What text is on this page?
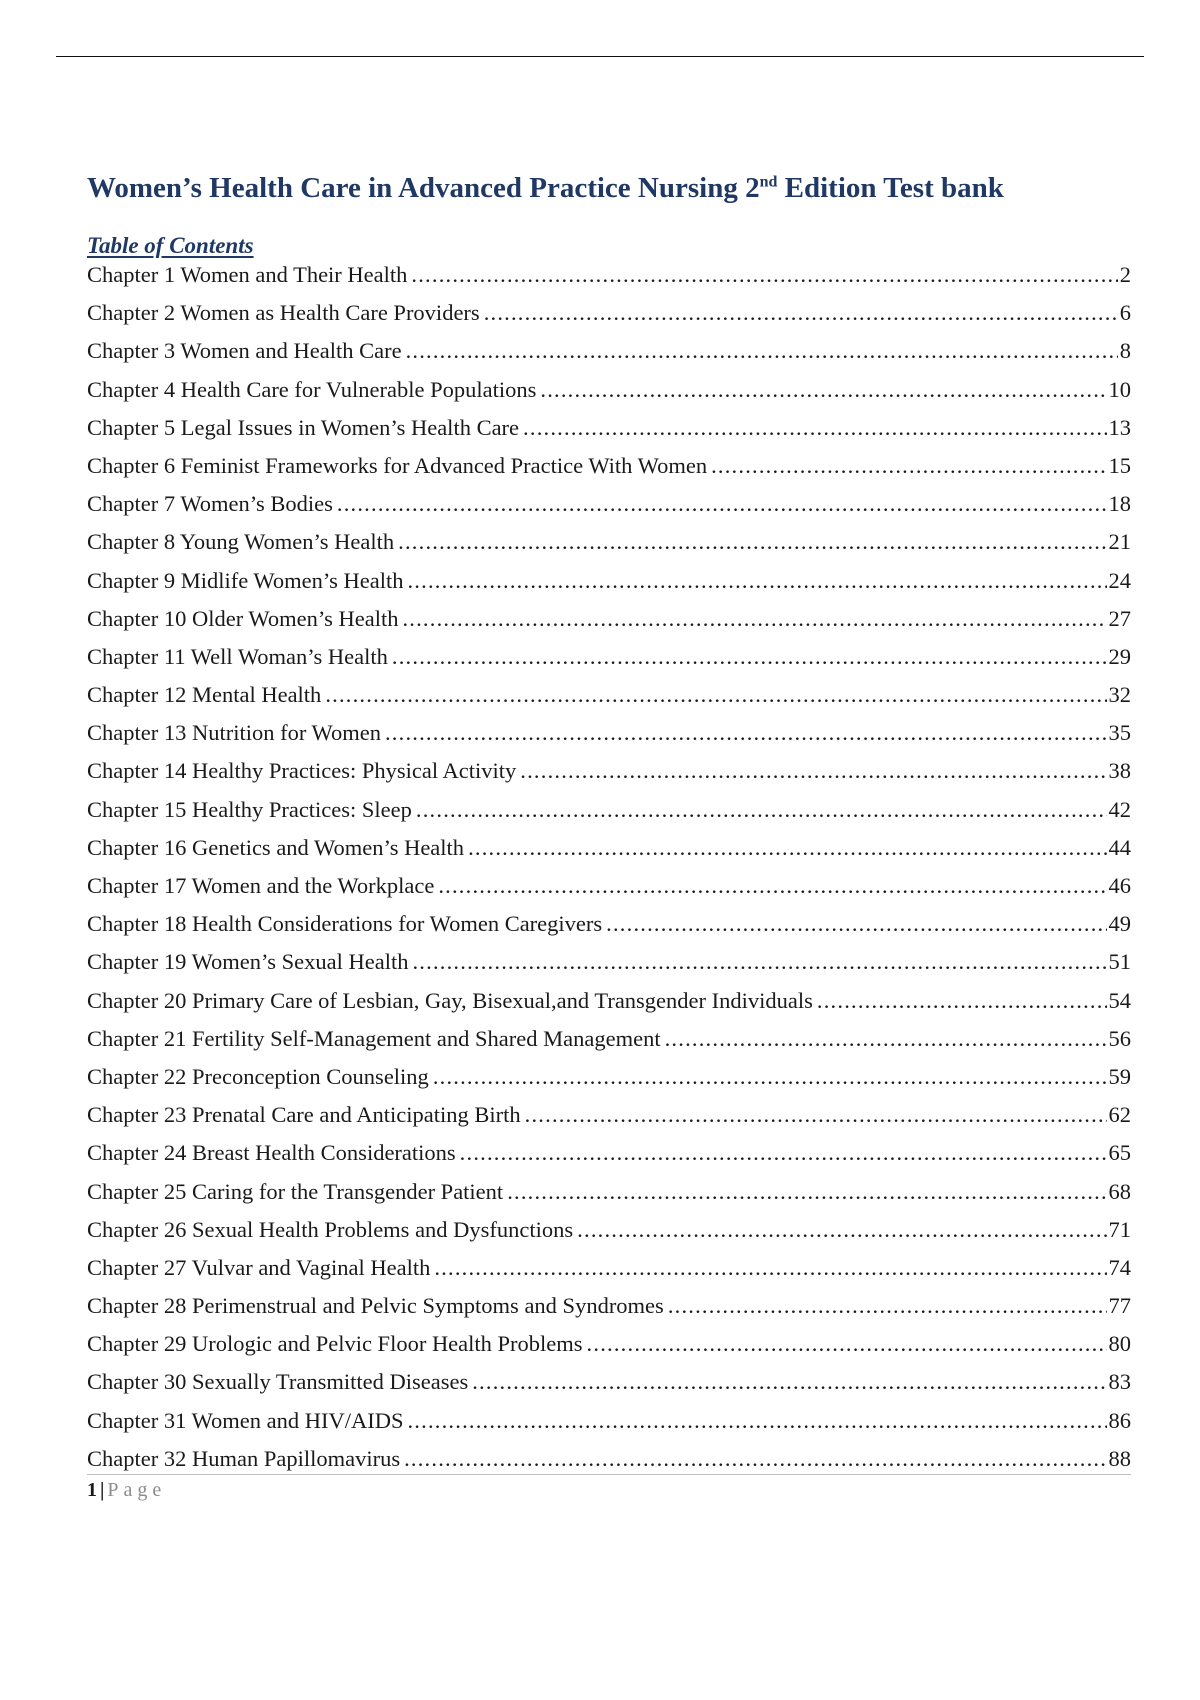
Women’s Health Care in Advanced Practice Nursing 2nd Edition Test bank
Table of Contents
Chapter 1 Women and Their Health .....	2
Chapter 2 Women as Health Care Providers .....	6
Chapter 3 Women and Health Care .....	8
Chapter 4 Health Care for Vulnerable Populations .....	10
Chapter 5 Legal Issues in Women’s Health Care .....	13
Chapter 6 Feminist Frameworks for Advanced Practice With Women .....	15
Chapter 7 Women’s Bodies .....	18
Chapter 8 Young Women’s Health .....	21
Chapter 9 Midlife Women’s Health .....	24
Chapter 10 Older Women’s Health .....	27
Chapter 11 Well Woman’s Health .....	29
Chapter 12 Mental Health .....	32
Chapter 13 Nutrition for Women .....	35
Chapter 14 Healthy Practices: Physical Activity .....	38
Chapter 15 Healthy Practices: Sleep .....	42
Chapter 16 Genetics and Women’s Health .....	44
Chapter 17 Women and the Workplace .....	46
Chapter 18 Health Considerations for Women Caregivers .....	49
Chapter 19 Women’s Sexual Health .....	51
Chapter 20 Primary Care of Lesbian, Gay, Bisexual,and Transgender Individuals .....	54
Chapter 21 Fertility Self-Management and Shared Management .....	56
Chapter 22 Preconception Counseling .....	59
Chapter 23 Prenatal Care and Anticipating Birth .....	62
Chapter 24 Breast Health Considerations .....	65
Chapter 25 Caring for the Transgender Patient .....	68
Chapter 26 Sexual Health Problems and Dysfunctions .....	71
Chapter 27 Vulvar and Vaginal Health .....	74
Chapter 28 Perimenstrual and Pelvic Symptoms and Syndromes .....	77
Chapter 29 Urologic and Pelvic Floor Health Problems .....	80
Chapter 30 Sexually Transmitted Diseases .....	83
Chapter 31 Women and HIV/AIDS .....	86
Chapter 32 Human Papillomavirus .....	88
1 | Page
